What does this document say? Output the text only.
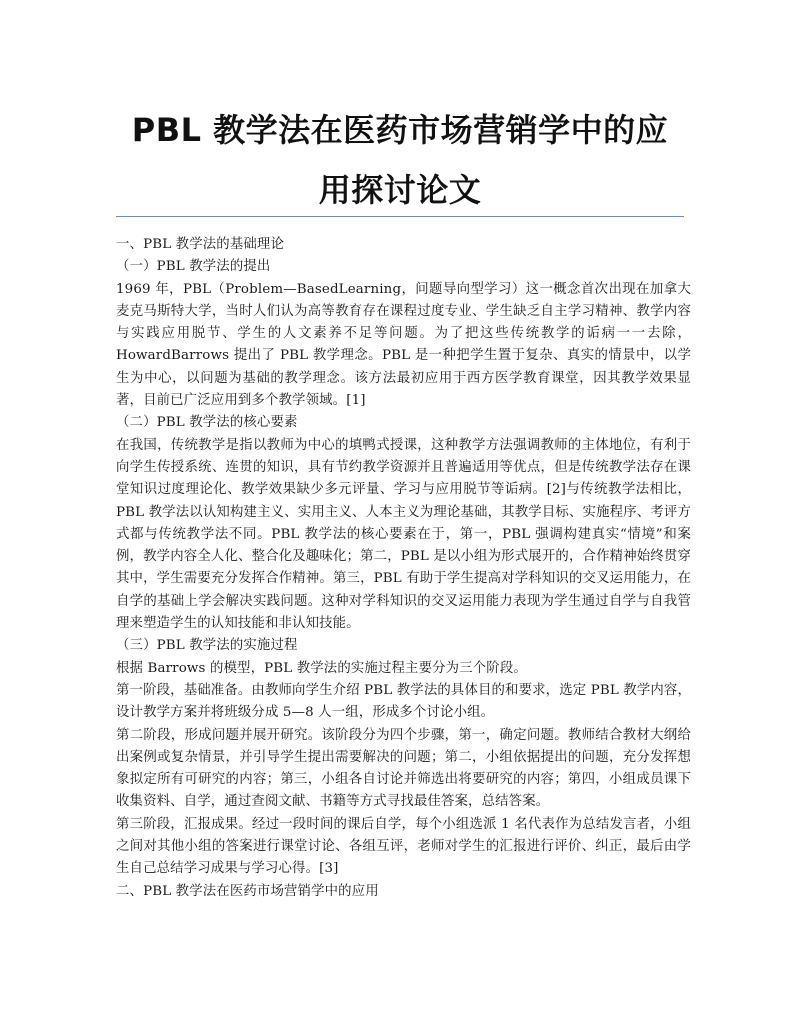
PBL 教学法在医药市场营销学中的应
用探讨论文

一、PBL 教学法的基础理论

（一）PBL 教学法的提出

1969 年，PBL（Problem—BasedLearning，问题导向型学习）这一概念首次出现在加拿大麦克马斯特大学，当时人们认为高等教育存在课程过度专业、学生缺乏自主学习精神、教学内容与实践应用脱节、学生的人文素养不足等问题。为了把这些传统教学的诟病一一去除，HowardBarrows 提出了 PBL 教学理念。PBL 是一种把学生置于复杂、真实的情景中，以学生为中心，以问题为基础的教学理念。该方法最初应用于西方医学教育课堂，因其教学效果显著，目前已广泛应用到多个教学领域。[1]

（二）PBL 教学法的核心要素

在我国，传统教学是指以教师为中心的填鸭式授课，这种教学方法强调教师的主体地位，有利于向学生传授系统、连贯的知识，具有节约教学资源并且普遍适用等优点，但是传统教学法存在课堂知识过度理论化、教学效果缺少多元评量、学习与应用脱节等诟病。[2]与传统教学法相比，PBL 教学法以认知构建主义、实用主义、人本主义为理论基础，其教学目标、实施程序、考评方式都与传统教学法不同。PBL 教学法的核心要素在于，第一，PBL 强调构建真实“情境”和案例，教学内容全人化、整合化及趣味化；第二，PBL 是以小组为形式展开的，合作精神始终贯穿其中，学生需要充分发挥合作精神。第三，PBL 有助于学生提高对学科知识的交叉运用能力，在自学的基础上学会解决实践问题。这种对学科知识的交叉运用能力表现为学生通过自学与自我管理来塑造学生的认知技能和非认知技能。

（三）PBL 教学法的实施过程

根据 Barrows 的模型，PBL 教学法的实施过程主要分为三个阶段。

第一阶段，基础准备。由教师向学生介绍 PBL 教学法的具体目的和要求，选定 PBL 教学内容，设计教学方案并将班级分成 5—8 人一组，形成多个讨论小组。

第二阶段，形成问题并展开研究。该阶段分为四个步骤，第一，确定问题。教师结合教材大纲给出案例或复杂情景，并引导学生提出需要解决的问题；第二，小组依据提出的问题，充分发挥想象拟定所有可研究的内容；第三，小组各自讨论并筛选出将要研究的内容；第四，小组成员课下收集资料、自学，通过查阅文献、书籍等方式寻找最佳答案，总结答案。

第三阶段，汇报成果。经过一段时间的课后自学，每个小组选派 1 名代表作为总结发言者，小组之间对其他小组的答案进行课堂讨论、各组互评，老师对学生的汇报进行评价、纠正，最后由学生自己总结学习成果与学习心得。[3]

二、PBL 教学法在医药市场营销学中的应用
